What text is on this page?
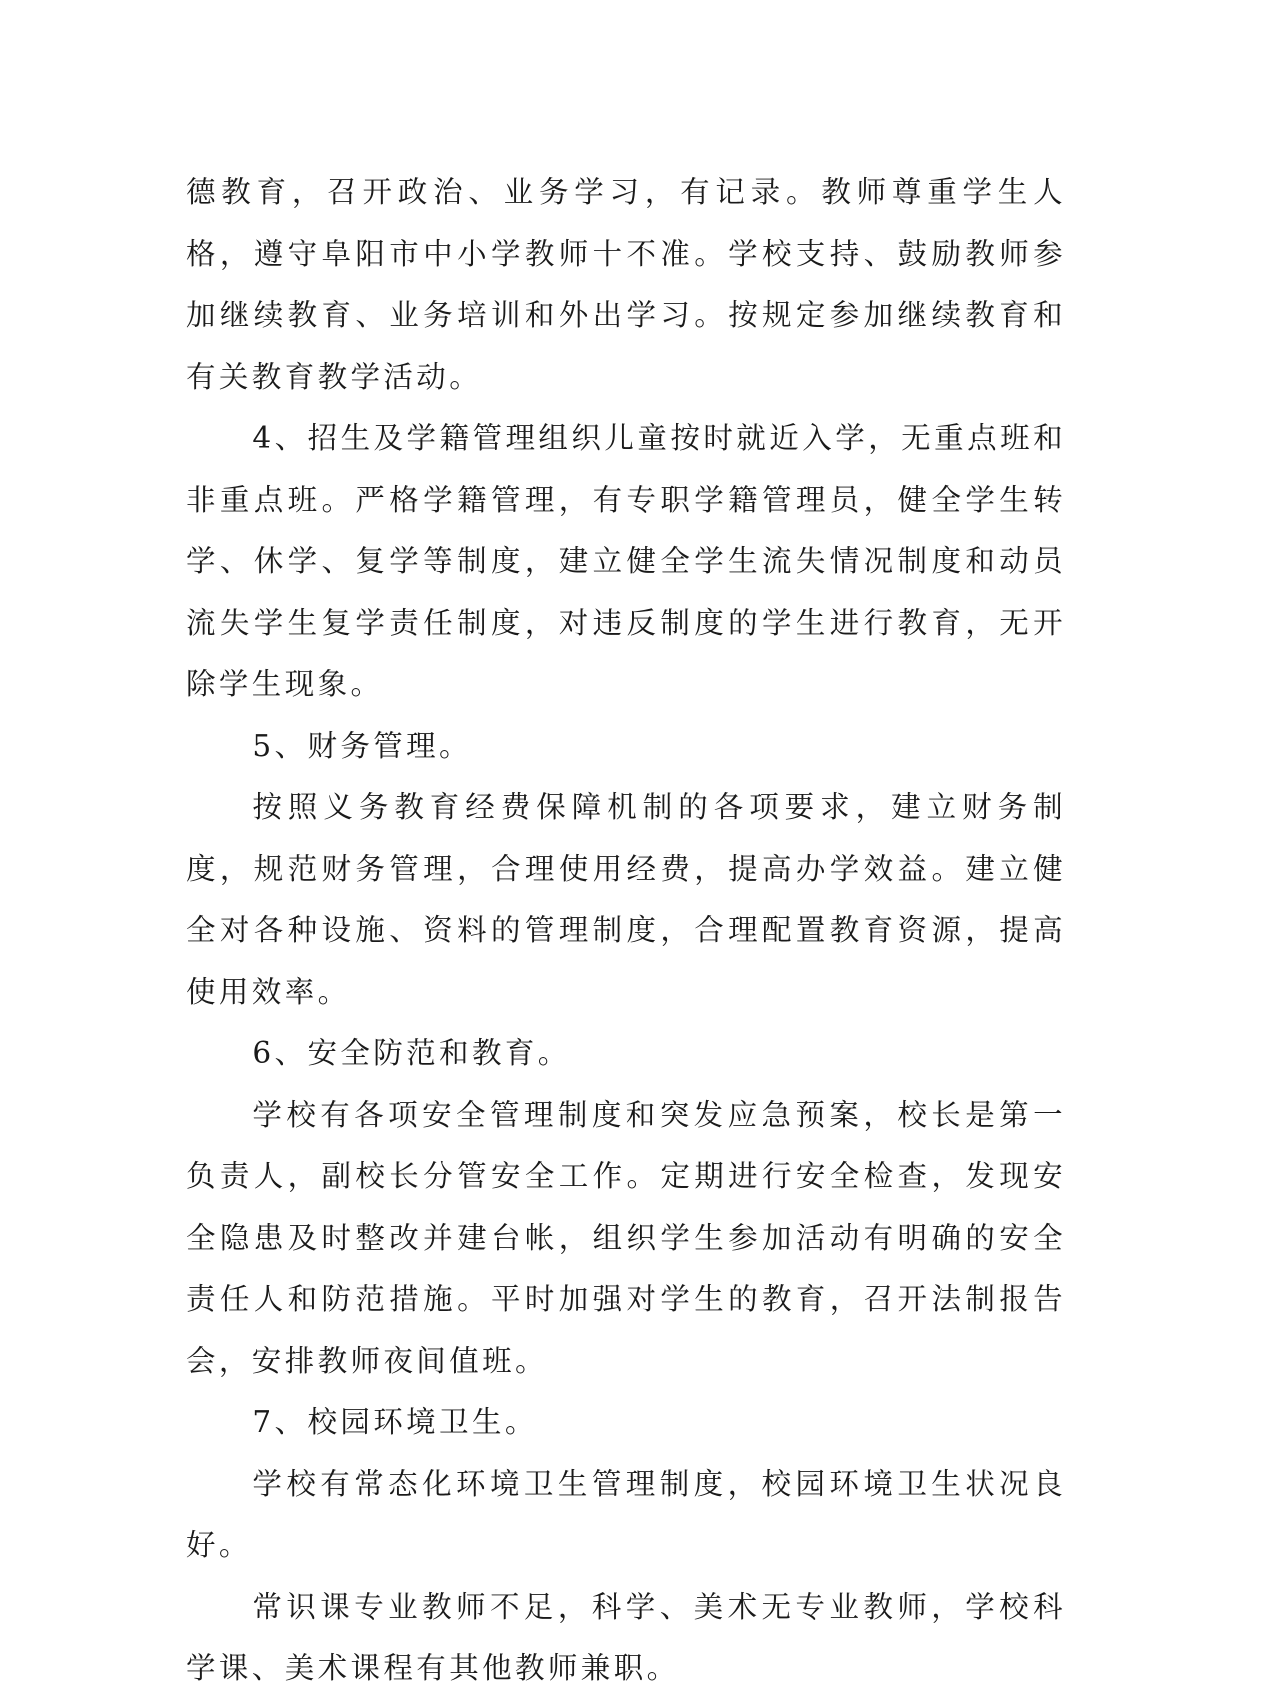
德教育，召开政治、业务学习，有记录。教师尊重学生人格，遵守阜阳市中小学教师十不准。学校支持、鼓励教师参加继续教育、业务培训和外出学习。按规定参加继续教育和有关教育教学活动。

4、招生及学籍管理组织儿童按时就近入学，无重点班和非重点班。严格学籍管理，有专职学籍管理员，健全学生转学、休学、复学等制度，建立健全学生流失情况制度和动员流失学生复学责任制度，对违反制度的学生进行教育，无开除学生现象。

5、财务管理。

按照义务教育经费保障机制的各项要求，建立财务制度，规范财务管理，合理使用经费，提高办学效益。建立健全对各种设施、资料的管理制度，合理配置教育资源，提高使用效率。

6、安全防范和教育。

学校有各项安全管理制度和突发应急预案，校长是第一负责人，副校长分管安全工作。定期进行安全检查，发现安全隐患及时整改并建台帐，组织学生参加活动有明确的安全责任人和防范措施。平时加强对学生的教育，召开法制报告会，安排教师夜间值班。

7、校园环境卫生。

学校有常态化环境卫生管理制度，校园环境卫生状况良好。

常识课专业教师不足，科学、美术无专业教师，学校科学课、美术课程有其他教师兼职。
